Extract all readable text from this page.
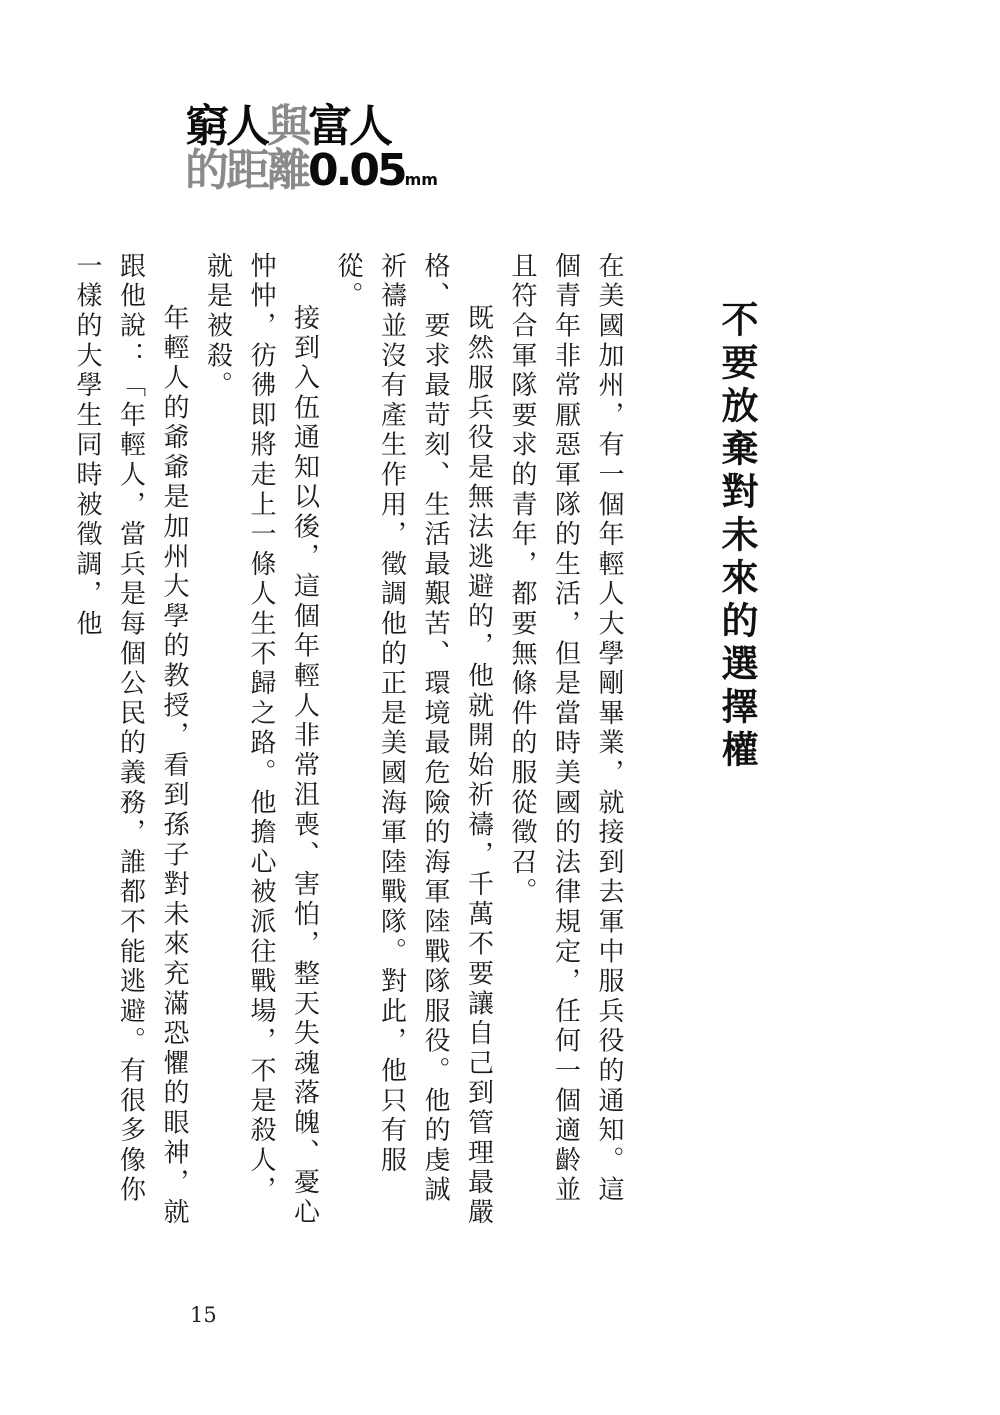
窮人與富人
的距離0.05mm
不要放棄對未來的選擇權

在美國加州，有一個年輕人大學剛畢業，就接到去軍中服兵役的通知。這個青年非常厭惡軍隊的生活，但是當時美國的法律規定，任何一個適齡並且符合軍隊要求的青年，都要無條件的服從徵召。

既然服兵役是無法逃避的，他就開始祈禱，千萬不要讓自己到管理最嚴格、要求最苛刻、生活最艱苦、環境最危險的海軍陸戰隊服役。他的虔誠祈禱並沒有產生作用，徵調他的正是美國海軍陸戰隊。對此，他只有服從。

接到入伍通知以後，這個年輕人非常沮喪、害怕，整天失魂落魄、憂心忡忡，彷彿即將走上一條人生不歸之路。他擔心被派往戰場，不是殺人，就是被殺。

年輕人的爺爺是加州大學的教授，看到孫子對未來充滿恐懼的眼神，就跟他說：「年輕人，當兵是每個公民的義務，誰都不能逃避。有很多像你一樣的大學生同時被徵調，他

15
